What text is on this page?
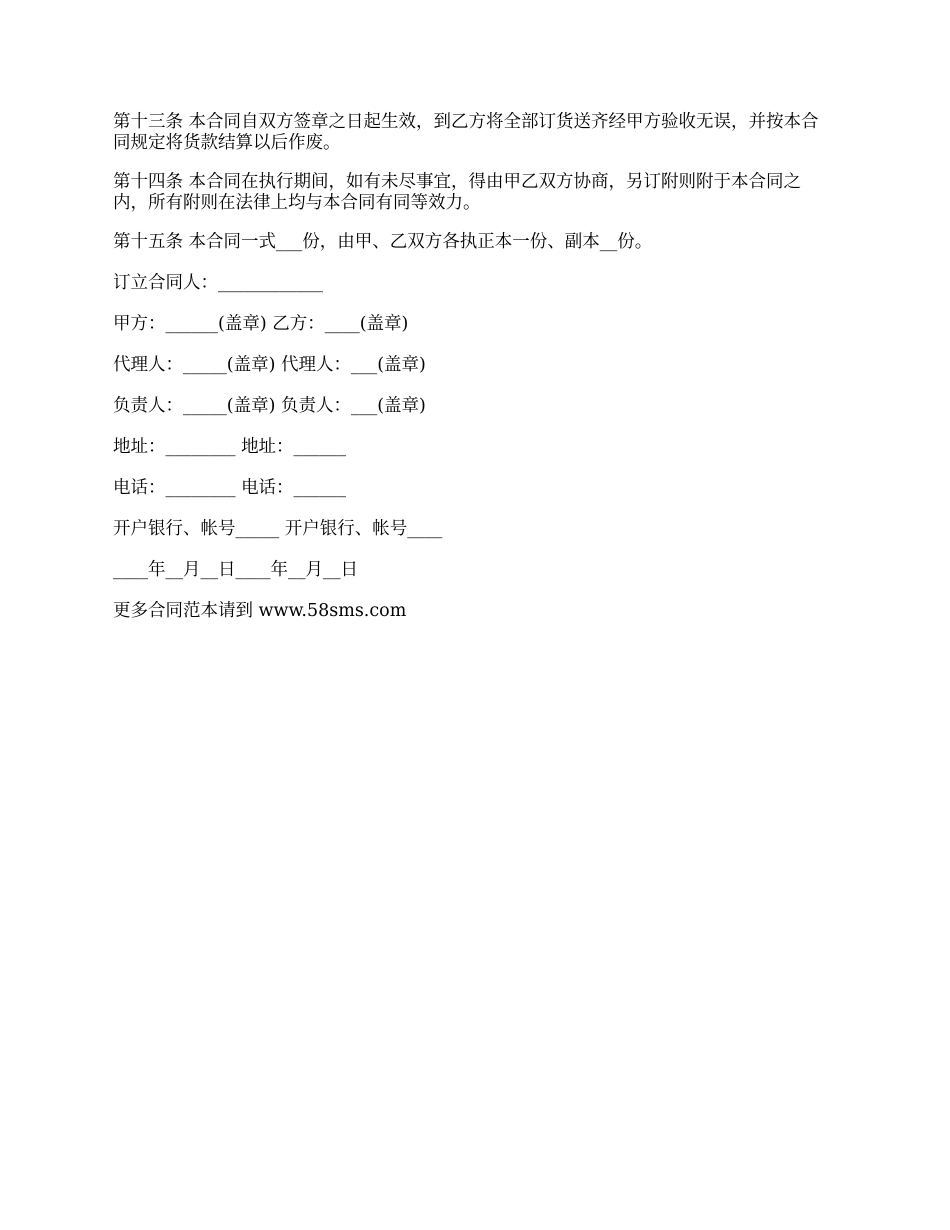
第十三条 本合同自双方签章之日起生效，到乙方将全部订货送齐经甲方验收无误，并按本合同规定将货款结算以后作废。

第十四条 本合同在执行期间，如有未尽事宜，得由甲乙双方协商，另订附则附于本合同之内，所有附则在法律上均与本合同有同等效力。

第十五条 本合同一式___份，由甲、乙双方各执正本一份、副本__份。

订立合同人：____________

甲方：______(盖章) 乙方：____(盖章)

代理人：_____(盖章) 代理人：___(盖章)

负责人：_____(盖章) 负责人：___(盖章)

地址：________ 地址：______

电话：________ 电话：______

开户银行、帐号_____ 开户银行、帐号____

____年__月__日____年__月__日

更多合同范本请到 www.58sms.com
